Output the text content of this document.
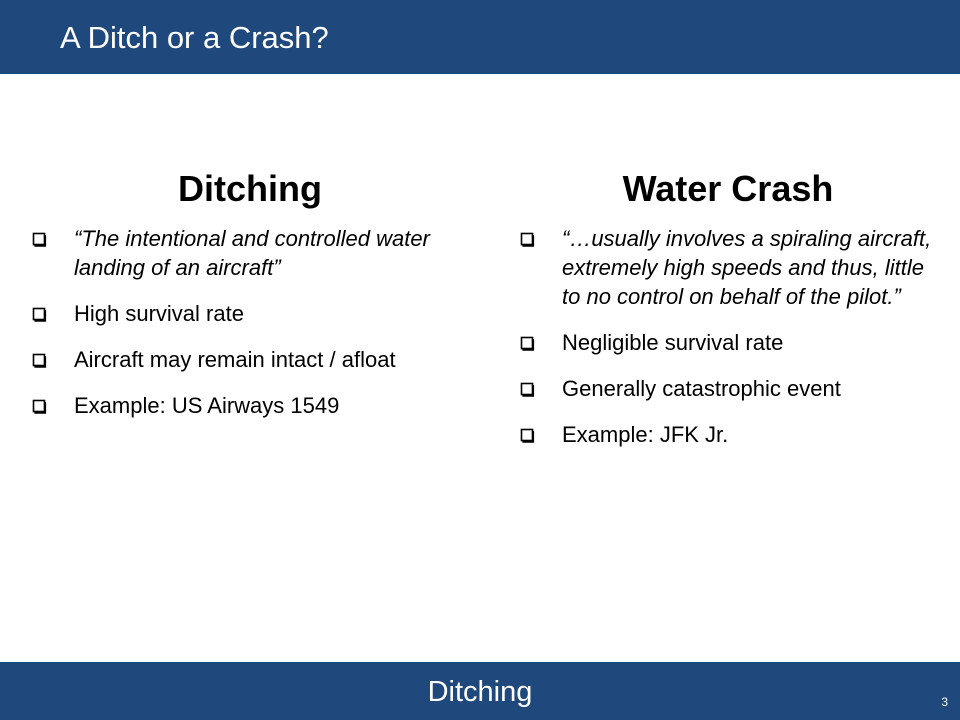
A Ditch or a Crash?
Ditching
“The intentional and controlled water landing of an aircraft”
High survival rate
Aircraft may remain intact / afloat
Example: US Airways 1549
Water Crash
“…usually involves a spiraling aircraft, extremely high speeds and thus, little to no control on behalf of the pilot.”
Negligible survival rate
Generally catastrophic event
Example: JFK Jr.
Ditching	3
